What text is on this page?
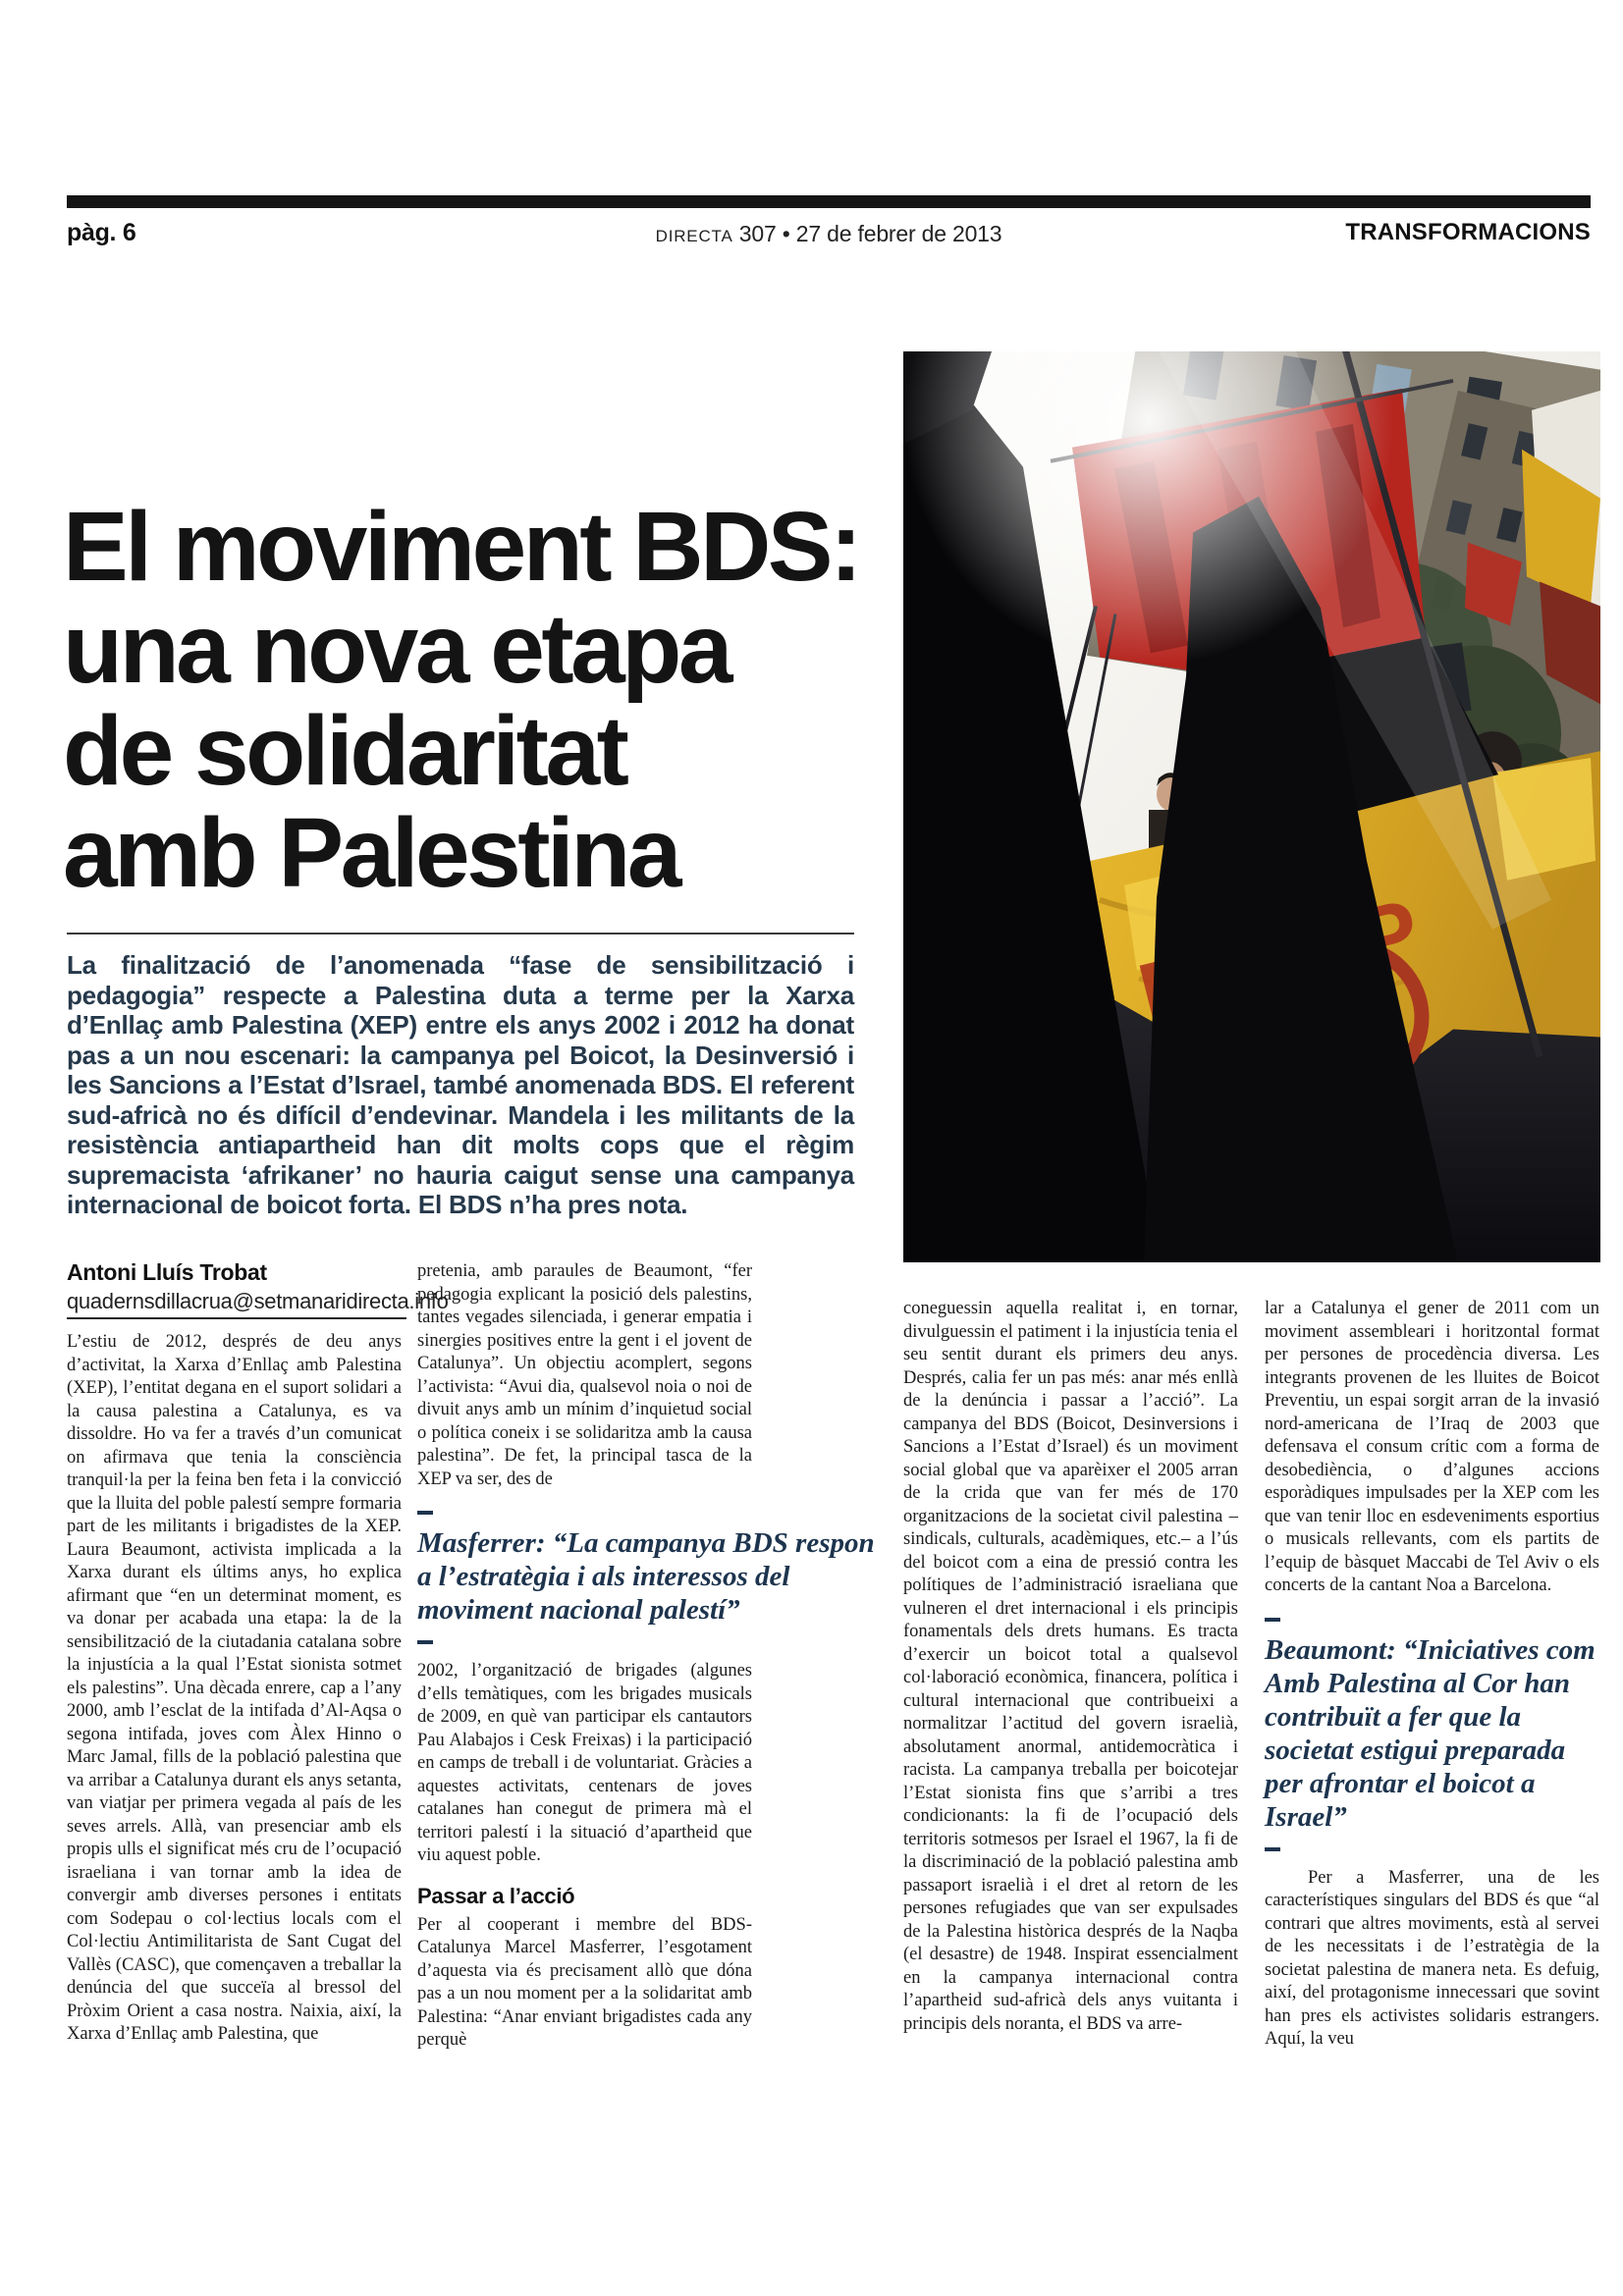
pàg. 6	DIRECTA 307 • 27 de febrer de 2013	TRANSFORMACIONS
El moviment BDS:
una nova etapa
de solidaritat
amb Palestina

La finalització de l’anomenada “fase de sensibilització i pedagogia” respecte a Palestina duta a terme per la Xarxa d’Enllaç amb Palestina (XEP) entre els anys 2002 i 2012 ha donat pas a un nou escenari: la campanya pel Boicot, la Desinversió i les Sancions a l’Estat d’Israel, també anomenada BDS. El referent sud-africà no és difícil d’endevinar. Mandela i les militants de la resistència antiapartheid han dit molts cops que el règim supremacista ‘afrikaner’ no hauria caigut sense una campanya internacional de boicot forta. El BDS n’ha pres nota.

P
Antoni Lluís Trobat
quadernsdillacrua@setmanaridirecta.info

L’estiu de 2012, després de deu anys d’activitat, la Xarxa d’Enllaç amb Palestina (XEP), l’entitat degana en el suport solidari a la causa palestina a Catalunya, es va dissoldre. Ho va fer a través d’un comunicat on afirmava que tenia la consciència tranquil·la per la feina ben feta i la convicció que la lluita del poble palestí sempre formaria part de les militants i brigadistes de la XEP. Laura Beaumont, activista implicada a la Xarxa durant els últims anys, ho explica afirmant que “en un determinat moment, es va donar per acabada una etapa: la de la sensibilització de la ciutadania catalana sobre la injustícia a la qual l’Estat sionista sotmet els palestins”. Una dècada enrere, cap a l’any 2000, amb l’esclat de la intifada d’Al-Aqsa o segona intifada, joves com Àlex Hinno o Marc Jamal, fills de la població palestina que va arribar a Catalunya durant els anys setanta, van viatjar per primera vegada al país de les seves arrels. Allà, van presenciar amb els propis ulls el significat més cru de l’ocupació israeliana i van tornar amb la idea de convergir amb diverses persones i entitats com Sodepau o col·lectius locals com el Col·lectiu Antimilitarista de Sant Cugat del Vallès (CASC), que començaven a treballar la denúncia del que succeïa al bressol del Pròxim Orient a casa nostra. Naixia, així, la Xarxa d’Enllaç amb Palestina, que

pretenia, amb paraules de Beaumont, “fer pedagogia explicant la posició dels palestins, tantes vegades silenciada, i generar empatia i sinergies positives entre la gent i el jovent de Catalunya”. Un objectiu acomplert, segons l’activista: “Avui dia, qualsevol noia o noi de divuit anys amb un mínim d’inquietud social o política coneix i se solidaritza amb la causa palestina”. De fet, la principal tasca de la XEP va ser, des de

Masferrer: “La campanya BDS respon a l’estratègia i als interessos del moviment nacional palestí”

2002, l’organització de brigades (algunes d’ells temàtiques, com les brigades musicals de 2009, en què van participar els cantautors Pau Alabajos i Cesk Freixas) i la participació en camps de treball i de voluntariat. Gràcies a aquestes activitats, centenars de joves catalanes han conegut de primera mà el territori palestí i la situació d’apartheid que viu aquest poble.

Passar a l’acció

Per al cooperant i membre del BDS-Catalunya Marcel Masferrer, l’esgotament d’aquesta via és precisament allò que dóna pas a un nou moment per a la solidaritat amb Palestina: “Anar enviant brigadistes cada any perquè

coneguessin aquella realitat i, en tornar, divulguessin el patiment i la injustícia tenia el seu sentit durant els primers deu anys. Després, calia fer un pas més: anar més enllà de la denúncia i passar a l’acció”. La campanya del BDS (Boicot, Desinversions i Sancions a l’Estat d’Israel) és un moviment social global que va aparèixer el 2005 arran de la crida que van fer més de 170 organitzacions de la societat civil palestina –sindicals, culturals, acadèmiques, etc.– a l’ús del boicot com a eina de pressió contra les polítiques de l’administració israeliana que vulneren el dret internacional i els principis fonamentals dels drets humans. Es tracta d’exercir un boicot total a qualsevol col·laboració econòmica, financera, política i cultural internacional que contribueixi a normalitzar l’actitud del govern israelià, absolutament anormal, antidemocràtica i racista. La campanya treballa per boicotejar l’Estat sionista fins que s’arribi a tres condicionants: la fi de l’ocupació dels territoris sotmesos per Israel el 1967, la fi de la discriminació de la població palestina amb passaport israelià i el dret al retorn de les persones refugiades que van ser expulsades de la Palestina històrica després de la Naqba (el desastre) de 1948. Inspirat essencialment en la campanya internacional contra l’apartheid sud-africà dels anys vuitanta i principis dels noranta, el BDS va arre-

lar a Catalunya el gener de 2011 com un moviment assembleari i horitzontal format per persones de procedència diversa. Les integrants provenen de les lluites de Boicot Preventiu, un espai sorgit arran de la invasió nord-americana de l’Iraq de 2003 que defensava el consum crític com a forma de desobediència, o d’algunes accions esporàdiques impulsades per la XEP com les que van tenir lloc en esdeveniments esportius o musicals rellevants, com els partits de l’equip de bàsquet Maccabi de Tel Aviv o els concerts de la cantant Noa a Barcelona.

Beaumont: “Iniciatives com Amb Palestina al Cor han contribuït a fer que la societat estigui preparada per afrontar el boicot a Israel”

Per a Masferrer, una de les característiques singulars del BDS és que “al contrari que altres moviments, està al servei de les necessitats i de l’estratègia de la societat palestina de manera neta. Es defuig, així, del protagonisme innecessari que sovint han pres els activistes solidaris estrangers. Aquí, la veu
